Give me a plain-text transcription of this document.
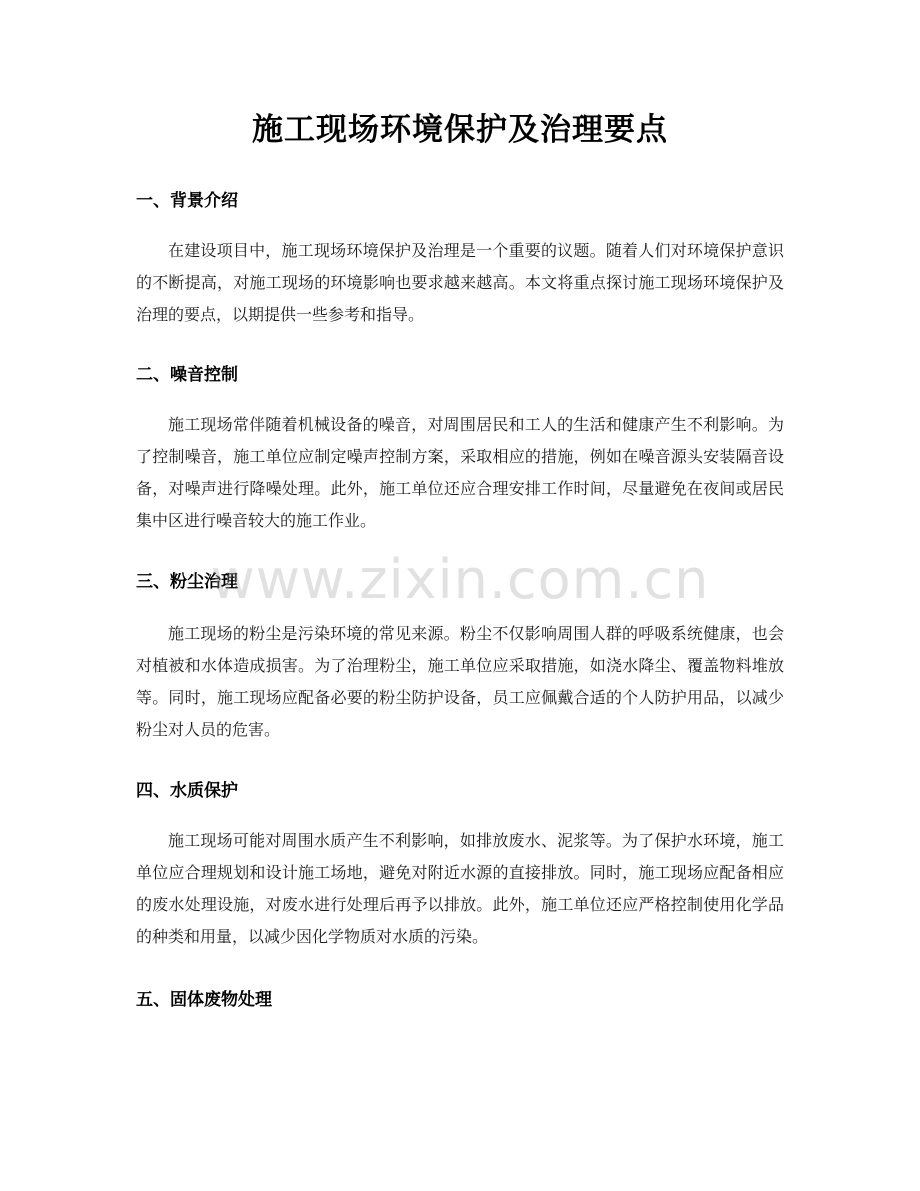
施工现场环境保护及治理要点
一、背景介绍

在建设项目中，施工现场环境保护及治理是一个重要的议题。随着人们对环境保护意识的不断提高，对施工现场的环境影响也要求越来越高。本文将重点探讨施工现场环境保护及治理的要点，以期提供一些参考和指导。

二、噪音控制

施工现场常伴随着机械设备的噪音，对周围居民和工人的生活和健康产生不利影响。为了控制噪音，施工单位应制定噪声控制方案，采取相应的措施，例如在噪音源头安装隔音设备，对噪声进行降噪处理。此外，施工单位还应合理安排工作时间，尽量避免在夜间或居民集中区进行噪音较大的施工作业。

三、粉尘治理

施工现场的粉尘是污染环境的常见来源。粉尘不仅影响周围人群的呼吸系统健康，也会对植被和水体造成损害。为了治理粉尘，施工单位应采取措施，如浇水降尘、覆盖物料堆放等。同时，施工现场应配备必要的粉尘防护设备，员工应佩戴合适的个人防护用品，以减少粉尘对人员的危害。

四、水质保护

施工现场可能对周围水质产生不利影响，如排放废水、泥浆等。为了保护水环境，施工单位应合理规划和设计施工场地，避免对附近水源的直接排放。同时，施工现场应配备相应的废水处理设施，对废水进行处理后再予以排放。此外，施工单位还应严格控制使用化学品的种类和用量，以减少因化学物质对水质的污染。

五、固体废物处理
www.zixin.com.cn
